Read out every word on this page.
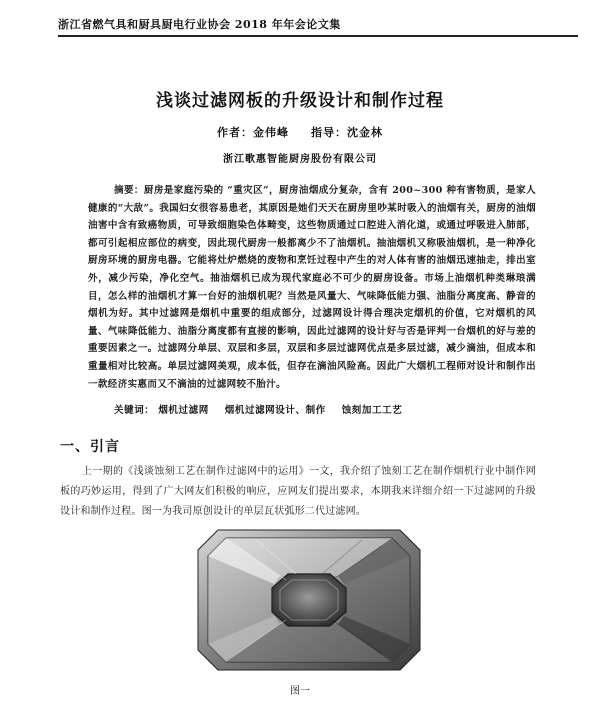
浙江省燃气具和厨具厨电行业协会 2018 年年会论文集
浅谈过滤网板的升级设计和制作过程
作者：金伟峰 指导：沈金林
浙江歌惠智能厨房股份有限公司

摘要：厨房是家庭污染的 “重灾区”，厨房油烟成分复杂，含有 200~300 种有害物质，是家人健康的“大敌”。我国妇女很容易患老，其原因是她们天天在厨房里吵某时吸入的油烟有关，厨房的油烟油害中含有致癌物质，可导致细胞染色体畸变，这些物质通过口腔进入消化道，或通过呼吸进入肺部，都可引起相应部位的病变，因此现代厨房一般都离少不了油烟机。抽油烟机又称吸油烟机，是一种净化厨房环境的厨房电器。它能将灶炉燃烧的废物和烹饪过程中产生的对人体有害的油烟迅速抽走，排出室外，减少污染，净化空气。抽油烟机已成为现代家庭必不可少的厨房设备。市场上油烟机种类琳琅满目，怎么样的油烟机才算一台好的油烟机呢？当然是风量大、气味降低能力强、油脂分离度高、静音的烟机为好。其中过滤网是烟机中重要的组成部分，过滤网设计得合理决定烟机的价值，它对烟机的风量、气味降低能力、油脂分离度都有直接的影响，因此过滤网的设计好与否是评判一台烟机的好与差的重要因素之一。过滤网分单层、双层和多层，双层和多层过滤网优点是多层过滤，减少滴油，但成本和重量相对比较高。单层过滤网美观，成本低，但存在滴油风险高。因此广大烟机工程师对设计和制作出一款经济实惠而又不滴油的过滤网较不胎汁。

关键词： 烟机过滤网 烟机过滤网设计、制作 蚀刻加工工艺
一、引言

上一期的《浅谈蚀刻工艺在制作过滤网中的运用》一文，我介绍了蚀刻工艺在制作烟机行业中制作网板的巧妙运用，得到了广大网友们积极的响应，应网友们提出要求，本期我来详细介绍一下过滤网的升级设计和制作过程。图一为我司原创设计的单层瓦状弧形二代过滤网。

图一
